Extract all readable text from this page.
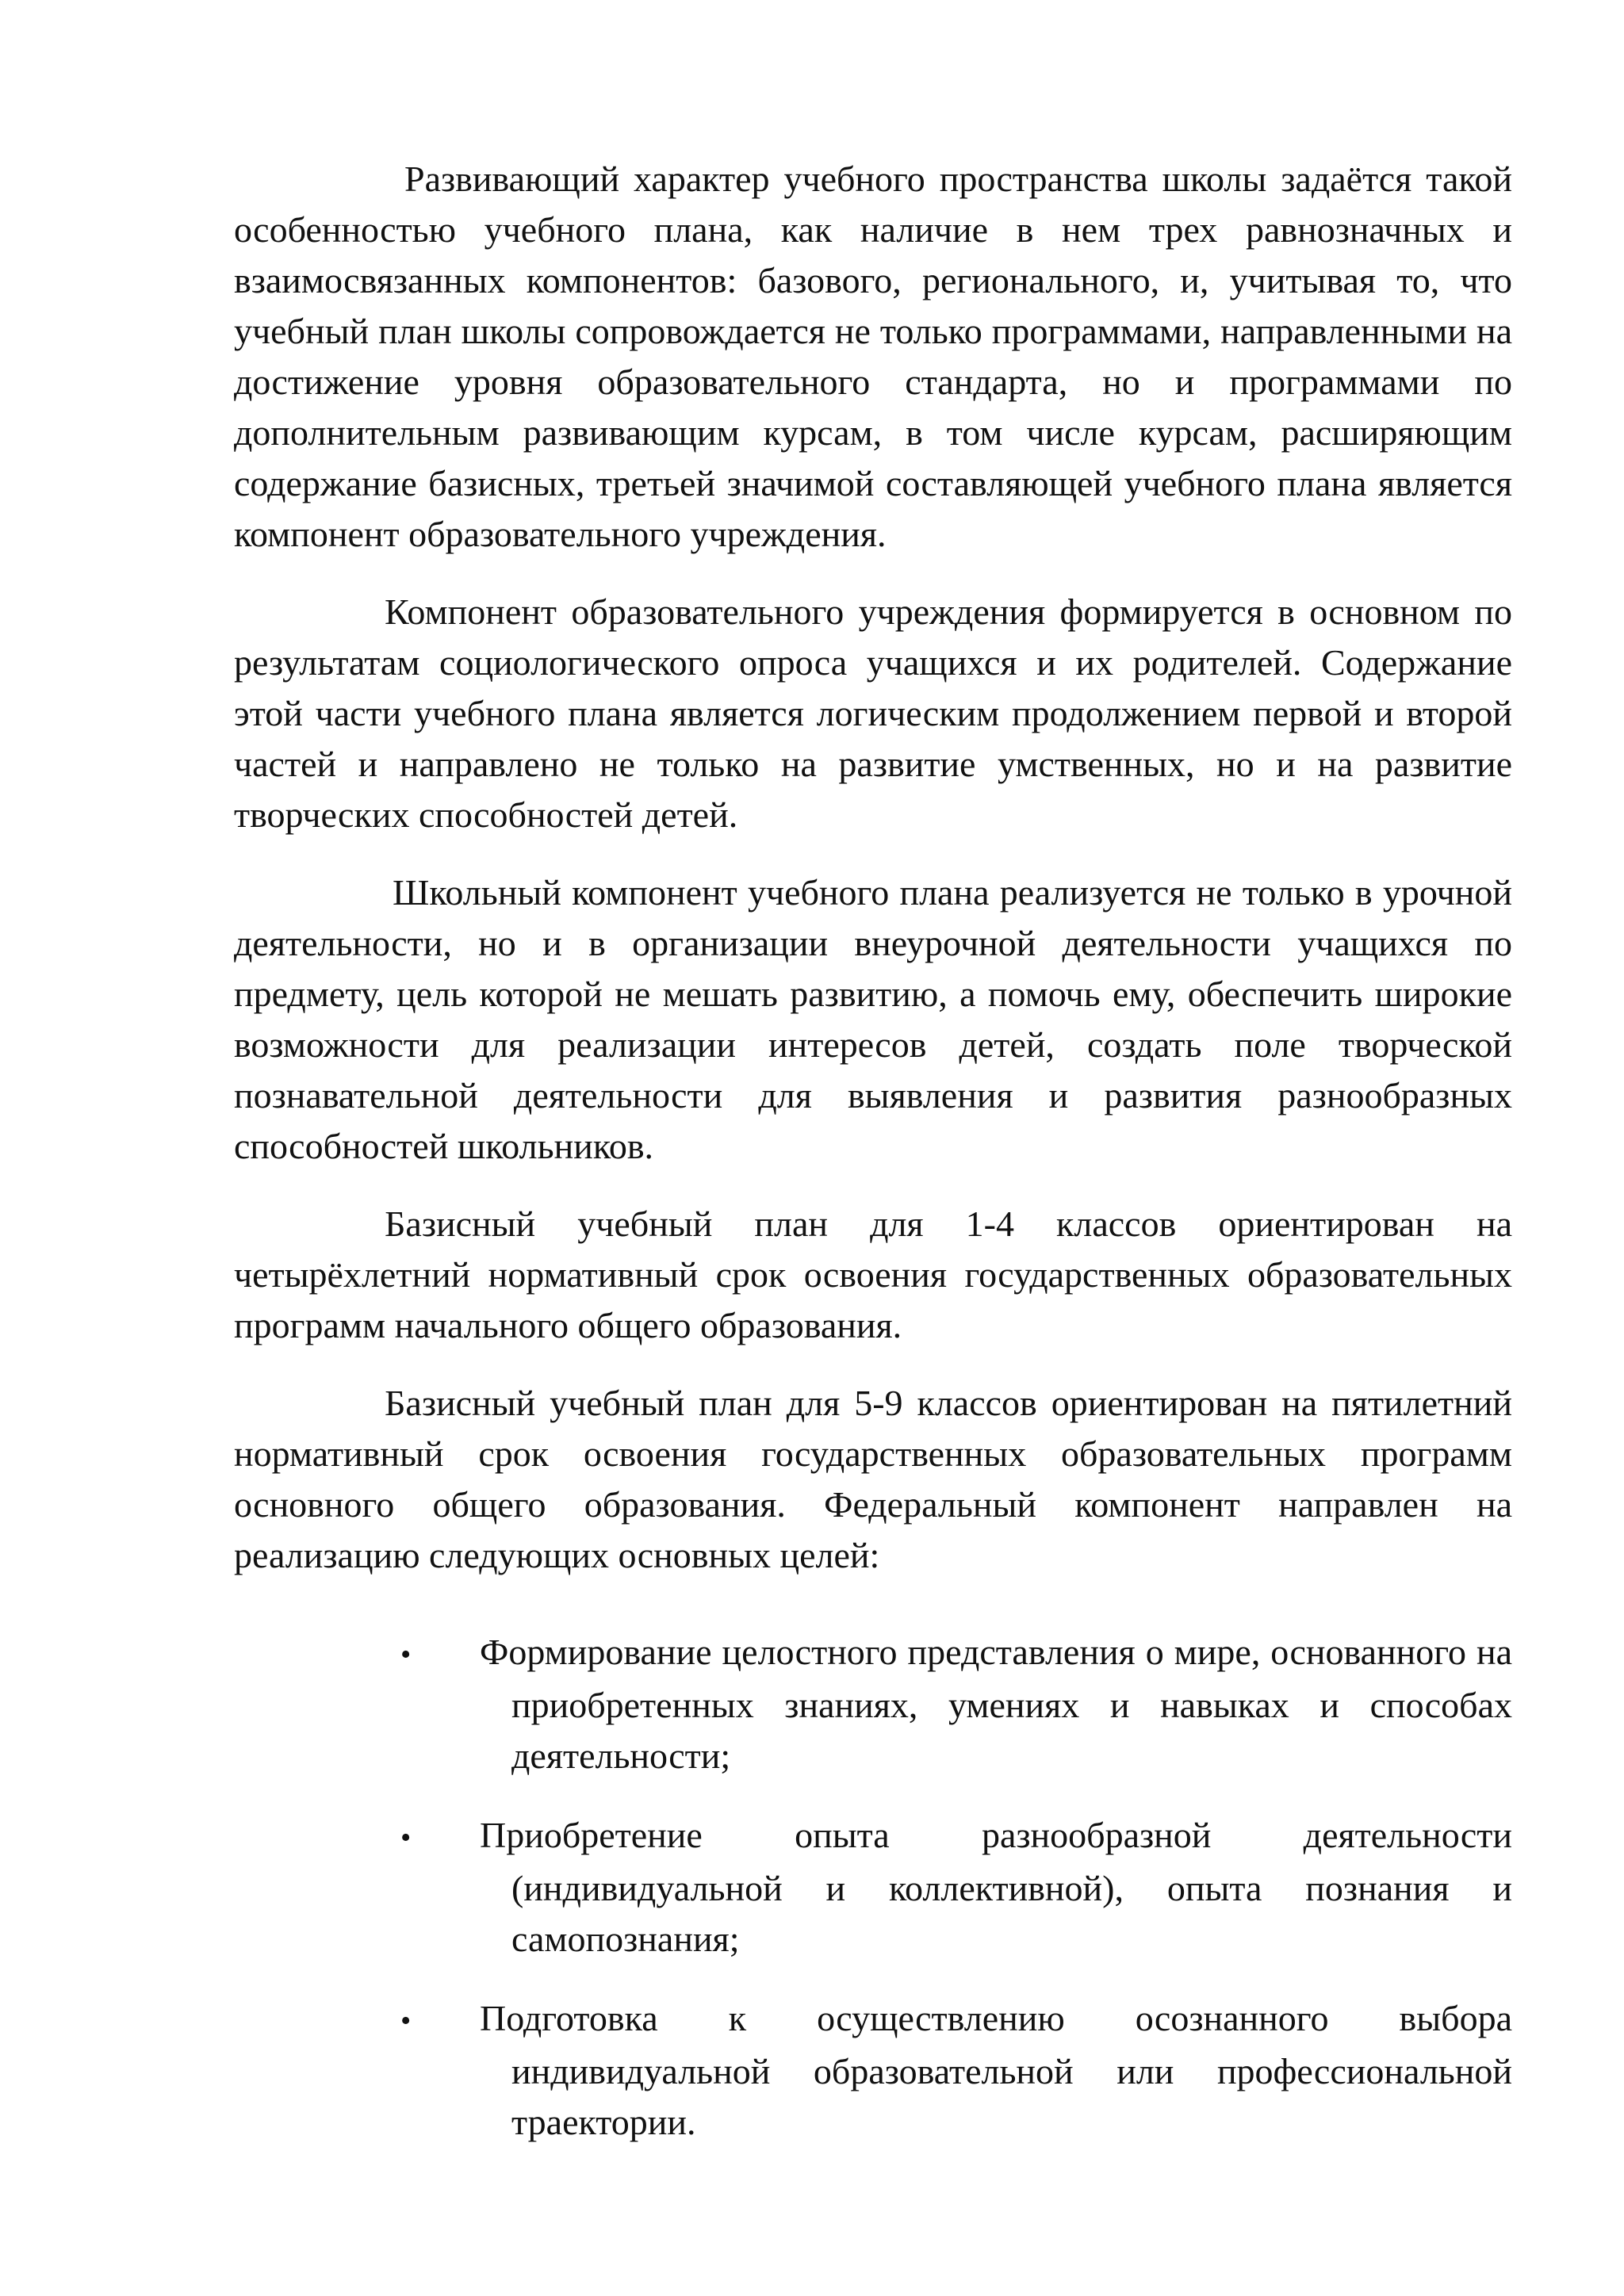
Развивающий характер учебного пространства школы задаётся такой особенностью учебного плана, как наличие в нем трех равнозначных и взаимосвязанных компонентов: базового, регионального, и, учитывая то, что учебный план школы сопровождается не только программами, направленными на достижение уровня образовательного стандарта, но и программами по дополнительным развивающим курсам, в том числе курсам, расширяющим содержание базисных, третьей значимой составляющей учебного плана является компонент образовательного учреждения.

Компонент образовательного учреждения формируется в основном по результатам социологического опроса учащихся и их родителей. Содержание этой части учебного плана является логическим продолжением первой и второй частей и направлено не только на развитие умственных, но и на развитие творческих способностей детей.

Школьный компонент учебного плана реализуется не только в урочной деятельности, но и в организации внеурочной деятельности учащихся по предмету, цель которой не мешать развитию, а помочь ему, обеспечить широкие возможности для реализации интересов детей, создать поле творческой познавательной деятельности для выявления и развития разнообразных способностей школьников.

Базисный учебный план для 1-4 классов ориентирован на четырёхлетний нормативный срок освоения государственных образовательных программ начального общего образования.

Базисный учебный план для 5-9 классов ориентирован на пятилетний нормативный срок освоения государственных образовательных программ основного общего образования. Федеральный компонент направлен на реализацию следующих основных целей:

• Формирование целостного представления о мире, основанного на приобретенных знаниях, умениях и навыках и способах деятельности;
• Приобретение опыта разнообразной деятельности (индивидуальной и коллективной), опыта познания и самопознания;
• Подготовка к осуществлению осознанного выбора индивидуальной образовательной или профессиональной траектории.
